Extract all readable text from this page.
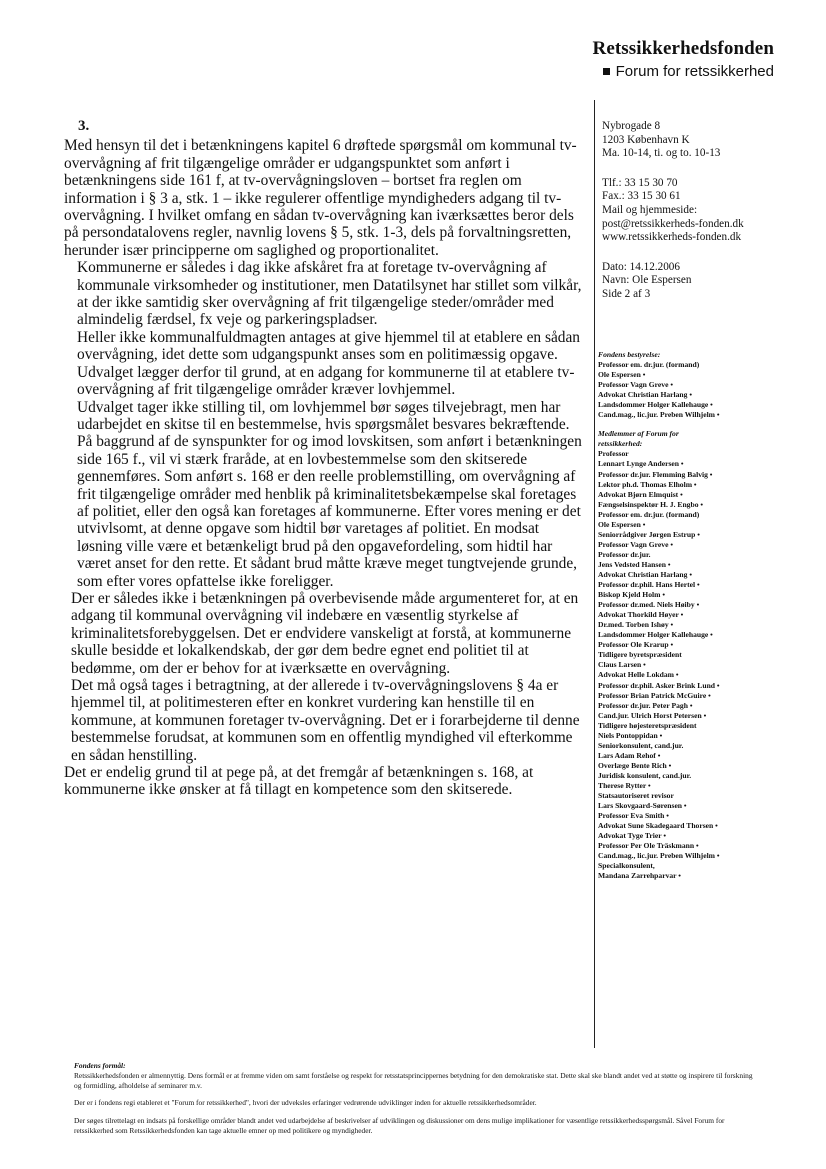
Retssikkerhedsfonden
Forum for retssikkerhed
3.

Med hensyn til det i betænkningens kapitel 6 drøftede spørgsmål om kommunal tv-overvågning af frit tilgængelige områder er udgangspunktet som anført i betænkningens side 161 f, at tv-overvågningsloven – bortset fra reglen om information i § 3 a, stk. 1 – ikke regulerer offentlige myndigheders adgang til tv-overvågning. I hvilket omfang en sådan tv-overvågning kan iværksættes beror dels på persondatalovens regler, navnlig lovens § 5, stk. 1-3, dels på forvaltningsretten, herunder især principperne om saglighed og proportionalitet.

Kommunerne er således i dag ikke afskåret fra at foretage tv-overvågning af kommunale virksomheder og institutioner, men Datatilsynet har stillet som vilkår, at der ikke samtidig sker overvågning af frit tilgængelige steder/områder med almindelig færdsel, fx veje og parkeringspladser.

Heller ikke kommunalfuldmagten antages at give hjemmel til at etablere en sådan overvågning, idet dette som udgangspunkt anses som en politimæssig opgave.

Udvalget lægger derfor til grund, at en adgang for kommunerne til at etablere tv-overvågning af frit tilgængelige områder kræver lovhjemmel.

Udvalget tager ikke stilling til, om lovhjemmel bør søges tilvejebragt, men har udarbejdet en skitse til en bestemmelse, hvis spørgsmålet besvares bekræftende.

På baggrund af de synspunkter for og imod lovskitsen, som anført i betænkningen side 165 f., vil vi stærk fraråde, at en lovbestemmelse som den skitserede gennemføres. Som anført s. 168 er den reelle problemstilling, om overvågning af frit tilgængelige områder med henblik på kriminalitetsbekæmpelse skal foretages af politiet, eller den også kan foretages af kommunerne. Efter vores mening er det utvivlsomt, at denne opgave som hidtil bør varetages af politiet. En modsat løsning ville være et betænkeligt brud på den opgavefordeling, som hidtil har været anset for den rette. Et sådant brud måtte kræve meget tungtvejende grunde, som efter vores opfattelse ikke foreligger.

Der er således ikke i betænkningen på overbevisende måde argumenteret for, at en adgang til kommunal overvågning vil indebære en væsentlig styrkelse af kriminalitetsforebyggelsen. Det er endvidere vanskeligt at forstå, at kommunerne skulle besidde et lokalkendskab, der gør dem bedre egnet end politiet til at bedømme, om der er behov for at iværksætte en overvågning.

Det må også tages i betragtning, at der allerede i tv-overvågningslovens § 4a er hjemmel til, at politimesteren efter en konkret vurdering kan henstille til en kommune, at kommunen foretager tv-overvågning. Det er i forarbejderne til denne bestemmelse forudsat, at kommunen som en offentlig myndighed vil efterkomme en sådan henstilling.

Det er endelig grund til at pege på, at det fremgår af betænkningen s. 168, at kommunerne ikke ønsker at få tillagt en kompetence som den skitserede.

Nybrogade 8
1203 København K
Ma. 10-14, ti. og to. 10-13
Tlf.: 33 15 30 70
Fax.: 33 15 30 61
Mail og hjemmeside:
post@retssikkerheds-fonden.dk
www.retssikkerheds-fonden.dk
Dato: 14.12.2006
Navn: Ole Espersen
Side 2 af 3
Fondens bestyrelse:
Professor em. dr.jur. (formand)
Ole Espersen •
Professor Vagn Greve •
Advokat Christian Harlang •
Landsdommer Holger Kallehauge •
Cand.mag., lic.jur. Preben Wilhjelm •
Medlemmer af Forum for
retssikkerhed:
Professor
Lennart Lynge Andersen •
Professor dr.jur. Flemming Balvig •
Lektor ph.d. Thomas Elholm •
Advokat Bjørn Elmquist •
Fængselsinspektør H. J. Engbo •
Professor em. dr.jur. (formand)
Ole Espersen •
Seniorrådgiver Jørgen Estrup •
Professor Vagn Greve •
Professor dr.jur.
Jens Vedsted Hansen •
Advokat Christian Harlang •
Professor dr.phil. Hans Hertel •
Biskop Kjeld Holm •
Professor dr.med. Niels Høiby •
Advokat Thorkild Høyer •
Dr.med. Torben Ishøy •
Landsdommer Holger Kallehauge •
Professor Ole Krarup •
Tidligere byretspræsident
Claus Larsen •
Advokat Helle Lokdam •
Professor dr.phil. Asker Brink Lund •
Professor Brian Patrick McGuire •
Professor dr.jur. Peter Pagh •
Cand.jur. Ulrich Horst Petersen •
Tidligere højesteretspræsident
Niels Pontoppidan •
Seniorkonsulent, cand.jur.
Lars Adam Rehof •
Overlæge Bente Rich •
Juridisk konsulent, cand.jur.
Therese Rytter •
Statsautoriseret revisor
Lars Skovgaard-Sørensen •
Professor Eva Smith •
Advokat Sune Skadegaard Thorsen •
Advokat Tyge Trier •
Professor Per Ole Träskmann •
Cand.mag., lic.jur. Preben Wilhjelm •
Specialkonsulent,
Mandana Zarrehparvar •
Fondens formål:

Retssikkerhedsfonden er almennyttig. Dens formål er at fremme viden om samt forståelse og respekt for retsstatsprincippernes betydning for den demokratiske stat. Dette skal ske blandt andet ved at støtte og inspirere til forskning og formidling, afholdelse af seminarer m.v.

Der er i fondens regi etableret et "Forum for retssikkerhed", hvori der udveksles erfaringer vedrørende udviklinger inden for aktuelle retssikkerhedsområder.

Der søges tilrettelagt en indsats på forskellige områder blandt andet ved udarbejdelse af beskrivelser af udviklingen og diskussioner om dens mulige implikationer for væsentlige retssikkerhedsspørgsmål. Såvel Forum for retssikkerhed som Retssikkerhedsfonden kan tage aktuelle emner op med politikere og myndigheder.
